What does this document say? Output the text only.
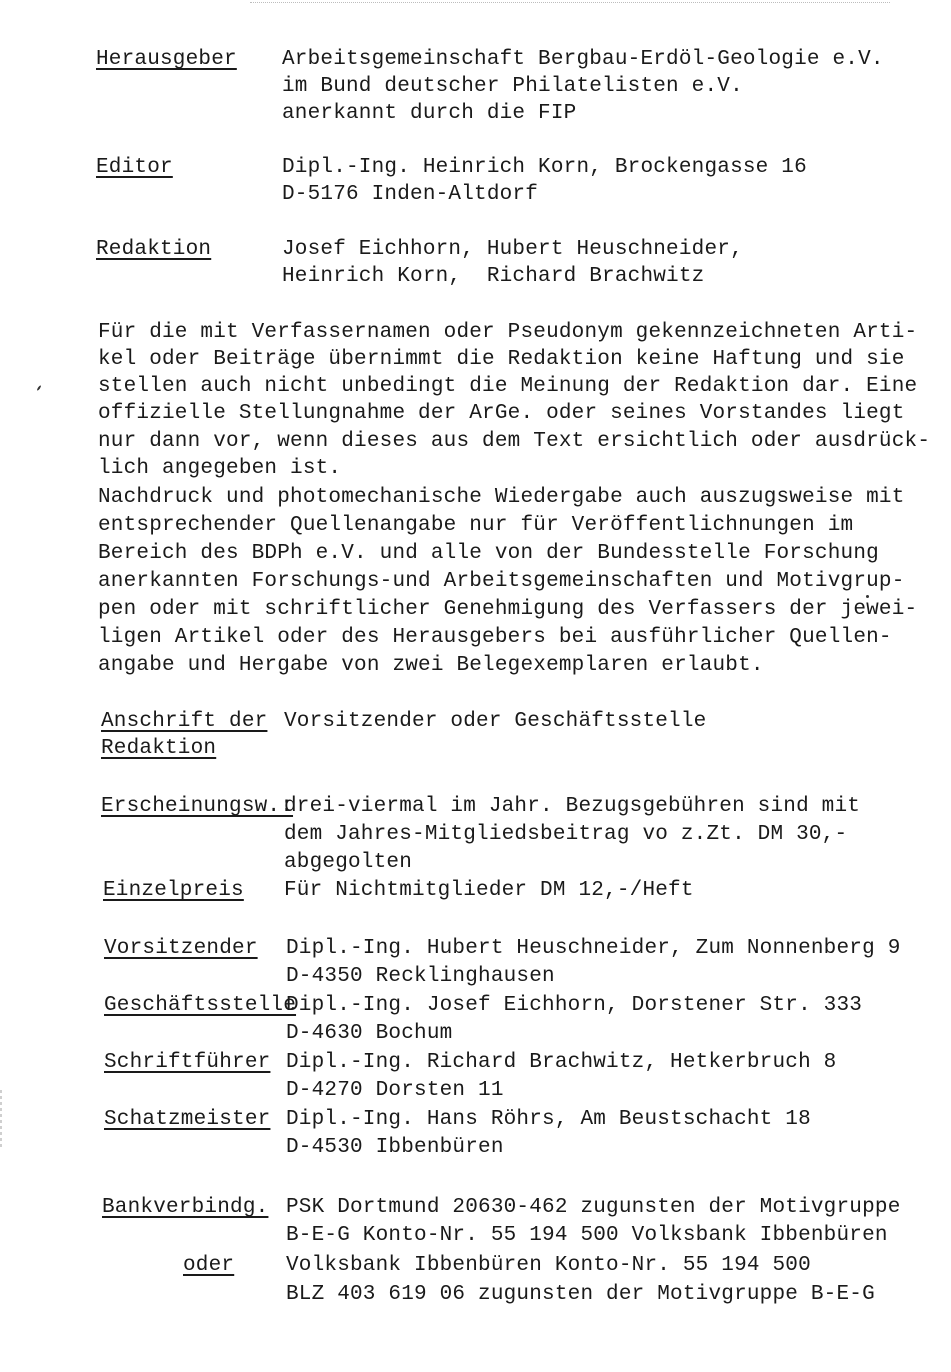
Herausgeber Arbeitsgemeinschaft Bergbau-Erdöl-Geologie e.V.
im Bund deutscher Philatelisten e.V.
anerkannt durch die FIP
Editor	Dipl.-Ing. Heinrich Korn, Brockengasse 16
D-5176 Inden-Altdorf
Redaktion	Josef Eichhorn, Hubert Heuschneider,
Heinrich Korn,  Richard Brachwitz
Für die mit Verfassernamen oder Pseudonym gekennzeichneten Arti-
kel oder Beiträge übernimmt die Redaktion keine Haftung und sie
stellen auch nicht unbedingt die Meinung der Redaktion dar. Eine
offizielle Stellungnahme der ArGe. oder seines Vorstandes liegt
nur dann vor, wenn dieses aus dem Text ersichtlich oder ausdrück-
lich angegeben ist.
Nachdruck und photomechanische Wiedergabe auch auszugsweise mit
entsprechender Quellenangabe nur für Veröffentlichnungen im
Bereich des BDPh e.V. und alle von der Bundesstelle Forschung
anerkannten Forschungs-und Arbeitsgemeinschaften und Motivgrup-
pen oder mit schriftlicher Genehmigung des Verfassers der jewei-
ligen Artikel oder des Herausgebers bei ausführlicher Quellen-
angabe und Hergabe von zwei Belegexemplaren erlaubt.
Anschrift der
Redaktion
Vorsitzender oder Geschäftsstelle
Erscheinungsw.:
drei-viermal im Jahr. Bezugsgebühren sind mit
dem Jahres-Mitgliedsbeitrag vo z.Zt. DM 30,-
abgegolten
Einzelpreis Für Nichtmitglieder DM 12,-/Heft
Vorsitzender Dipl.-Ing. Hubert Heuschneider, Zum Nonnenberg 9
D-4350 Recklinghausen
Geschäftsstelle
Dipl.-Ing. Josef Eichhorn, Dorstener Str. 333
D-4630 Bochum
Schriftführer Dipl.-Ing. Richard Brachwitz, Hetkerbruch 8
D-4270 Dorsten 11
Schatzmeister Dipl.-Ing. Hans Röhrs, Am Beustschacht 18
D-4530 Ibbenbüren
Bankverbindg. PSK Dortmund 20630-462 zugunsten der Motivgruppe
B-E-G Konto-Nr. 55 194 500 Volksbank Ibbenbüren
oder Volksbank Ibbenbüren Konto-Nr. 55 194 500
BLZ 403 619 06 zugunsten der Motivgruppe B-E-G
